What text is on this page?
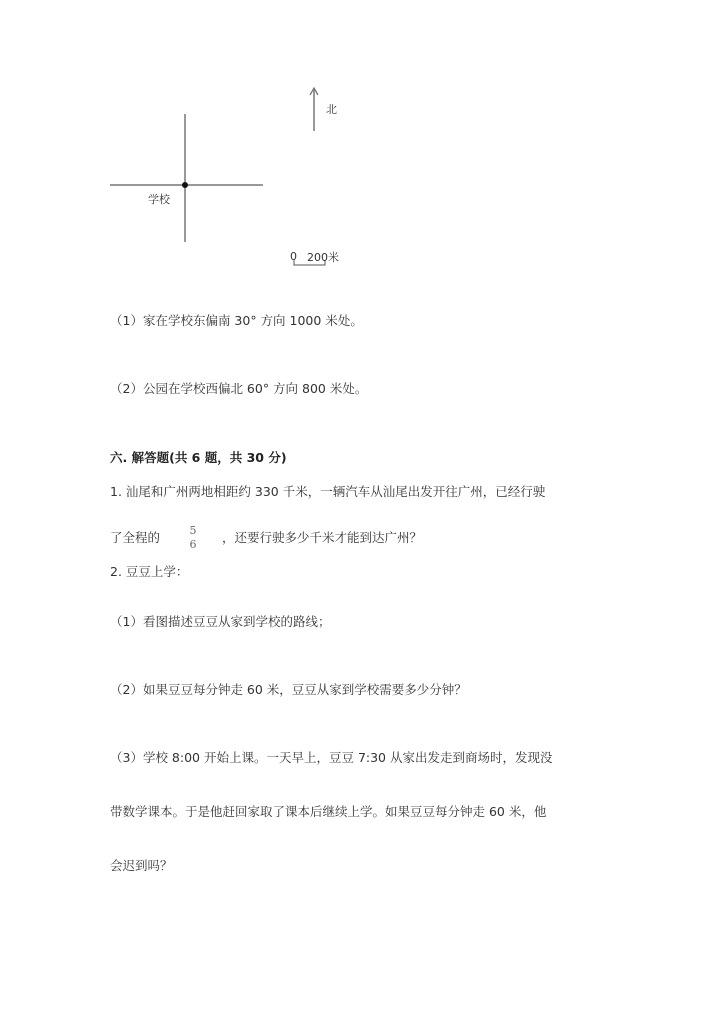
学校
北
0 200米
（1）家在学校东偏南 30° 方向 1000 米处。
（2）公园在学校西偏北 60° 方向 800 米处。
六. 解答题(共 6 题，共 30 分)
1. 汕尾和广州两地相距约 330 千米，一辆汽车从汕尾出发开往广州，已经行驶
了全程的	5
6 ，还要行驶多少千米才能到达广州？
2. 豆豆上学：
（1）看图描述豆豆从家到学校的路线；
（2）如果豆豆每分钟走 60 米，豆豆从家到学校需要多少分钟？
（3）学校 8:00 开始上课。一天早上，豆豆 7:30 从家出发走到商场时，发现没
带数学课本。于是他赶回家取了课本后继续上学。如果豆豆每分钟走 60 米，他
会迟到吗？
